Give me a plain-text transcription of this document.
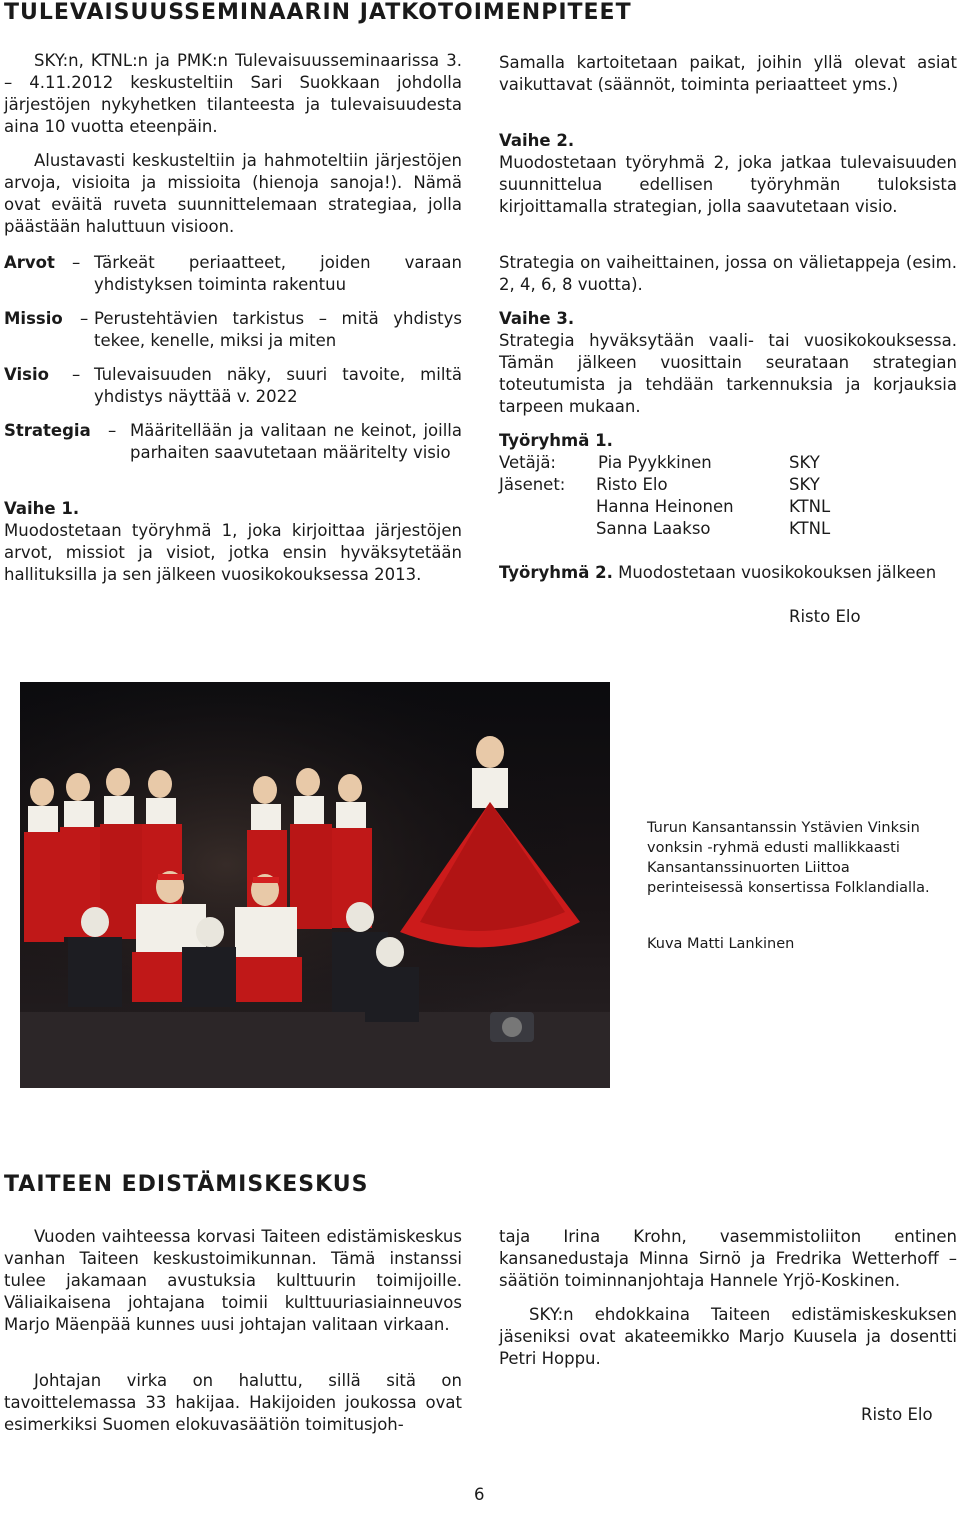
TULEVAISUUSSEMINAARIN JATKOTOIMENPITEET

SKY:n, KTNL:n ja PMK:n Tulevaisuusseminaarissa 3. – 4.11.2012 keskusteltiin Sari Suokkaan johdolla järjestöjen nykyhetken tilanteesta ja tulevaisuudesta aina 10 vuotta eteenpäin.

Alustavasti keskusteltiin ja hahmoteltiin järjestöjen arvoja, visioita ja missioita (hienoja sanoja!). Nämä ovat eväitä ruveta suunnittelemaan strategiaa, jolla päästään haluttuun visioon.

Arvot – Tärkeät periaatteet, joiden varaan yhdistyksen toiminta rakentuu
Missio – Perustehtävien tarkistus – mitä yhdistys tekee, kenelle, miksi ja miten
Visio – Tulevaisuuden näky, suuri tavoite, miltä yhdistys näyttää v. 2022
Strategia – Määritellään ja valitaan ne keinot, joilla parhaiten saavutetaan määritelty visio
Vaihe 1.

Muodostetaan työryhmä 1, joka kirjoittaa järjestöjen arvot, missiot ja visiot, jotka ensin hyväksytetään hallituksilla ja sen jälkeen vuosikokouksessa 2013.

Samalla kartoitetaan paikat, joihin yllä olevat asiat vaikuttavat (säännöt, toiminta periaatteet yms.)

Vaihe 2.

Muodostetaan työryhmä 2, joka jatkaa tulevaisuuden suunnittelua edellisen työryhmän tuloksista kirjoittamalla strategian, jolla saavutetaan visio.

Strategia on vaiheittainen, jossa on välietappeja (esim. 2, 4, 6, 8 vuotta).

Vaihe 3.

Strategia hyväksytään vaali- tai vuosikokouksessa. Tämän jälkeen vuosittain seurataan strategian toteutumista ja tehdään tarkennuksia ja korjauksia tarpeen mukaan.

Työryhmä 1.
Vetäjä:	Pia Pyykkinen	SKY
Jäsenet: Risto Elo	SKY
Hanna Heinonen	KTNL
Sanna Laakso	KTNL

Työryhmä 2. Muodostetaan vuosikokouksen jälkeen

Risto Elo
Turun Kansantanssin Ystävien Vinksin vonksin -ryhmä edusti mallikkaasti Kansantanssinuorten Liittoa perinteisessä konsertissa Folklandialla.
Kuva Matti Lankinen
TAITEEN EDISTÄMISKESKUS

Vuoden vaihteessa korvasi Taiteen edistämiskeskus vanhan Taiteen keskustoimikunnan. Tämä instanssi tulee jakamaan avustuksia kulttuurin toimijoille. Väliaikaisena johtajana toimii kulttuuriasiainneuvos Marjo Mäenpää kunnes uusi johtajan valitaan virkaan.

Johtajan virka on haluttu, sillä sitä on tavoittelemassa 33 hakijaa. Hakijoiden joukossa ovat esimerkiksi Suomen elokuvasäätiön toimitusjoh-

taja Irina Krohn, vasemmistoliiton entinen kansanedustaja Minna Sirnö ja Fredrika Wetterhoff – säätiön toiminnanjohtaja Hannele Yrjö-Koskinen.

SKY:n ehdokkaina Taiteen edistämiskeskuksen jäseniksi ovat akateemikko Marjo Kuusela ja dosentti Petri Hoppu.

Risto Elo
6
